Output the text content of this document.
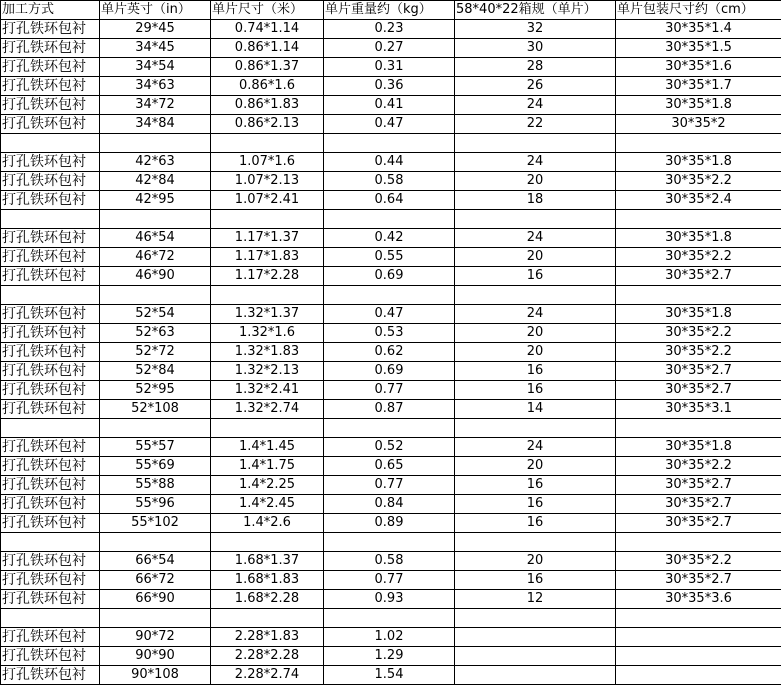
加工方式	单片英寸（in）	单片尺寸（米）	单片重量约（kg）	58*40*22箱规（单片）	单片包装尺寸约（cm）
打孔铁环包衬	29*45	0.74*1.14	0.23	32	30*35*1.4
打孔铁环包衬	34*45	0.86*1.14	0.27	30	30*35*1.5
打孔铁环包衬	34*54	0.86*1.37	0.31	28	30*35*1.6
打孔铁环包衬	34*63	0.86*1.6	0.36	26	30*35*1.7
打孔铁环包衬	34*72	0.86*1.83	0.41	24	30*35*1.8
打孔铁环包衬	34*84	0.86*2.13	0.47	22	30*35*2

打孔铁环包衬	42*63	1.07*1.6	0.44	24	30*35*1.8
打孔铁环包衬	42*84	1.07*2.13	0.58	20	30*35*2.2
打孔铁环包衬	42*95	1.07*2.41	0.64	18	30*35*2.4

打孔铁环包衬	46*54	1.17*1.37	0.42	24	30*35*1.8
打孔铁环包衬	46*72	1.17*1.83	0.55	20	30*35*2.2
打孔铁环包衬	46*90	1.17*2.28	0.69	16	30*35*2.7

打孔铁环包衬	52*54	1.32*1.37	0.47	24	30*35*1.8
打孔铁环包衬	52*63	1.32*1.6	0.53	20	30*35*2.2
打孔铁环包衬	52*72	1.32*1.83	0.62	20	30*35*2.2
打孔铁环包衬	52*84	1.32*2.13	0.69	16	30*35*2.7
打孔铁环包衬	52*95	1.32*2.41	0.77	16	30*35*2.7
打孔铁环包衬	52*108	1.32*2.74	0.87	14	30*35*3.1

打孔铁环包衬	55*57	1.4*1.45	0.52	24	30*35*1.8
打孔铁环包衬	55*69	1.4*1.75	0.65	20	30*35*2.2
打孔铁环包衬	55*88	1.4*2.25	0.77	16	30*35*2.7
打孔铁环包衬	55*96	1.4*2.45	0.84	16	30*35*2.7
打孔铁环包衬	55*102	1.4*2.6	0.89	16	30*35*2.7

打孔铁环包衬	66*54	1.68*1.37	0.58	20	30*35*2.2
打孔铁环包衬	66*72	1.68*1.83	0.77	16	30*35*2.7
打孔铁环包衬	66*90	1.68*2.28	0.93	12	30*35*3.6

打孔铁环包衬	90*72	2.28*1.83	1.02		
打孔铁环包衬	90*90	2.28*2.28	1.29		
打孔铁环包衬	90*108	2.28*2.74	1.54		
